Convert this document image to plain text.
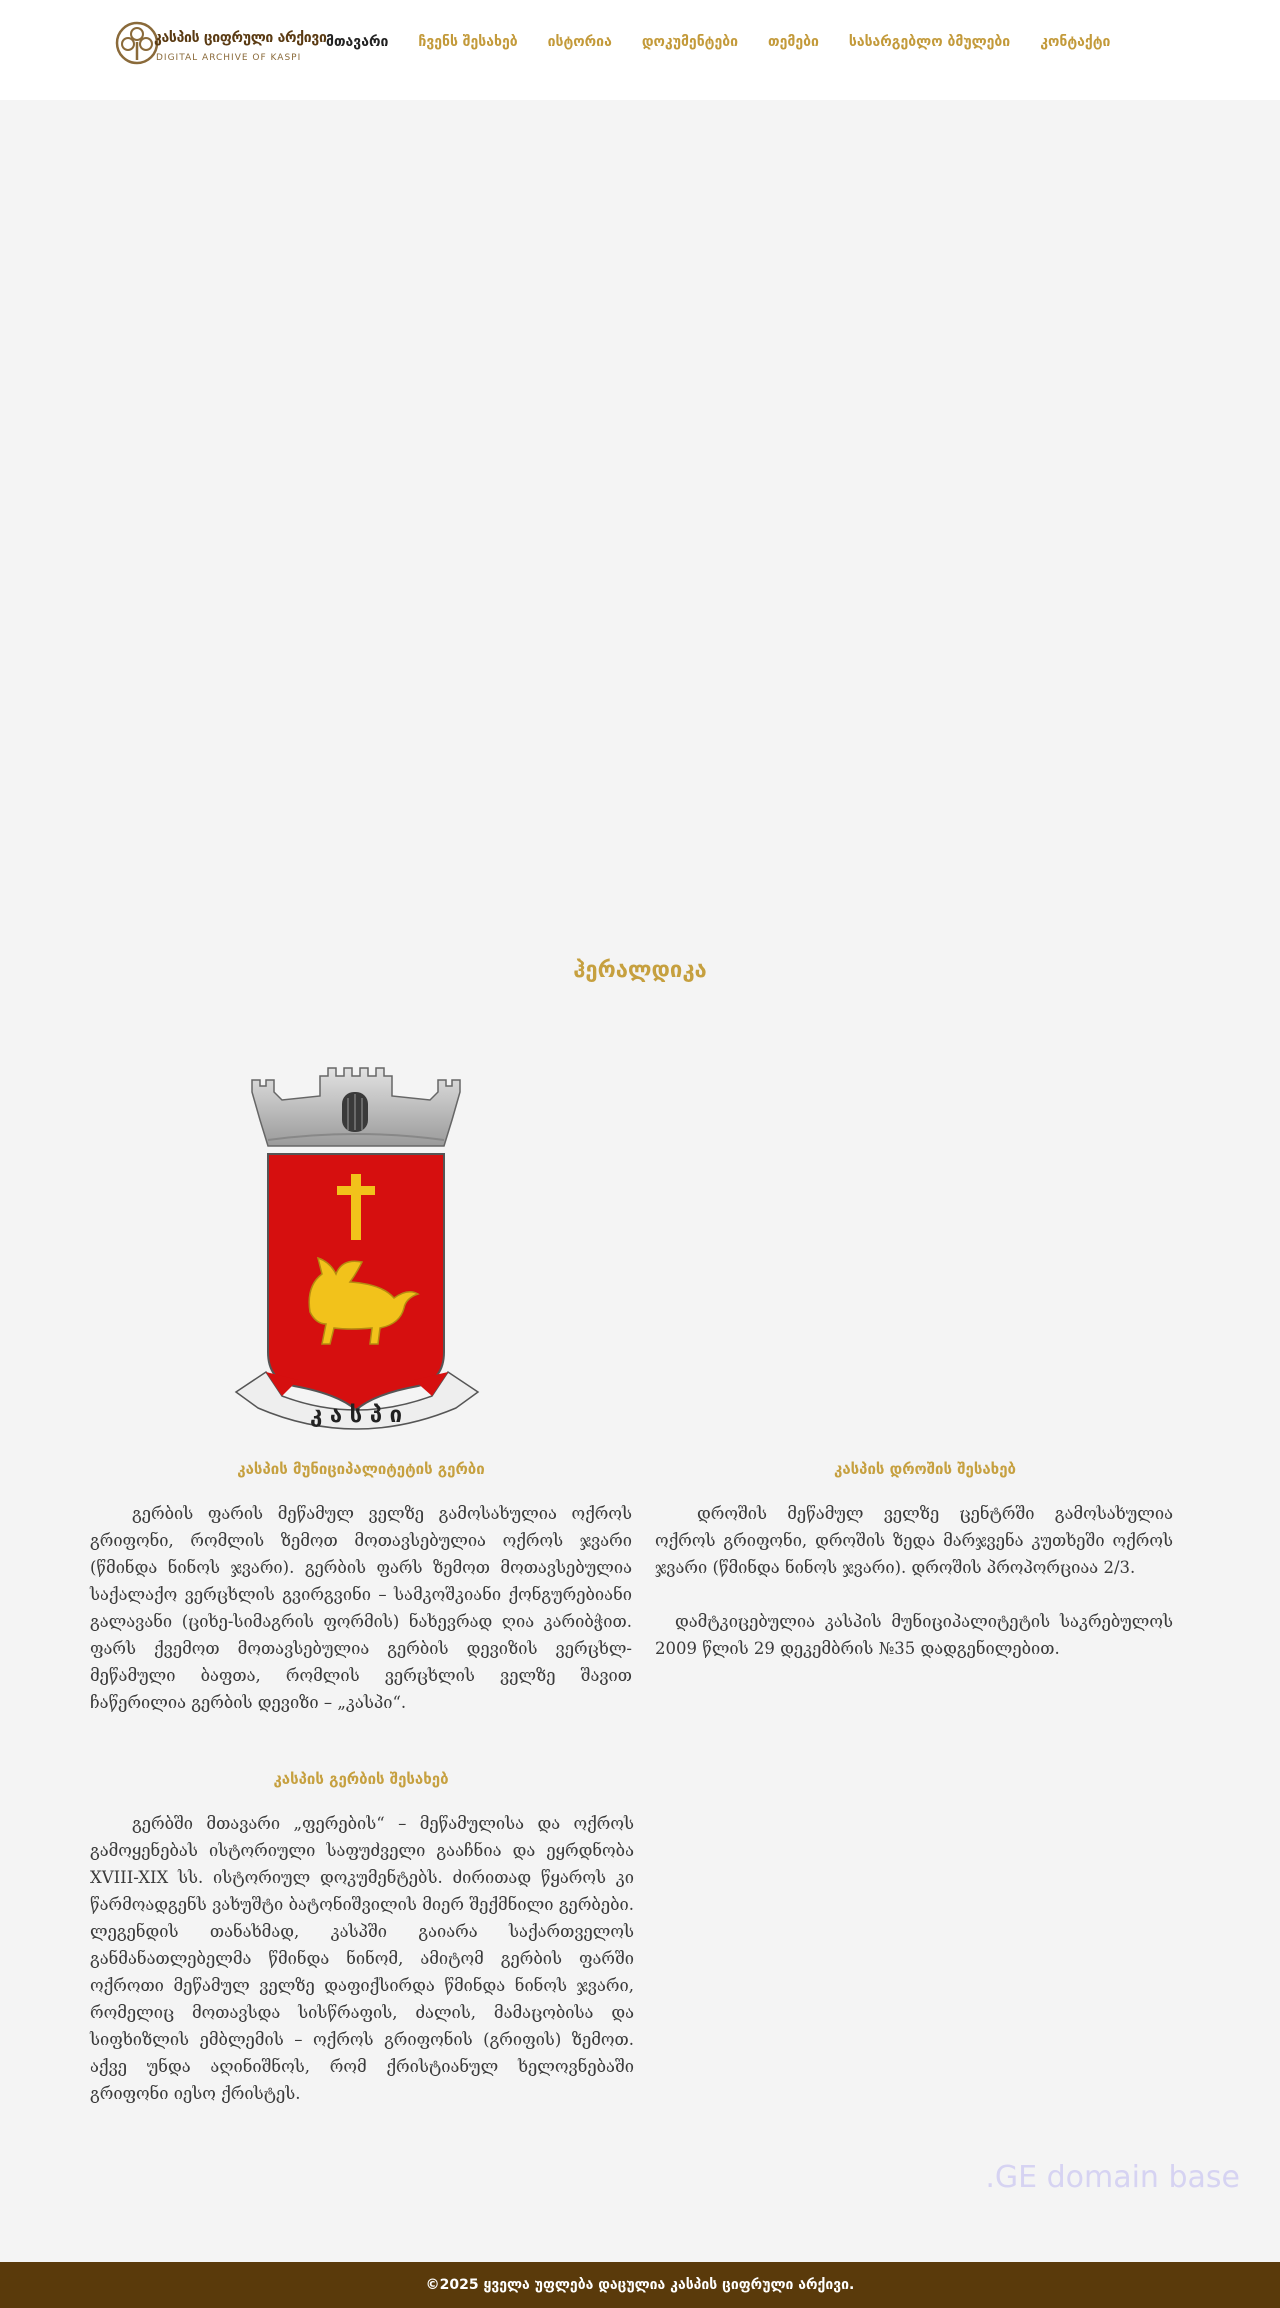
კასპის ციფრული არქივი
DIGITAL ARCHIVE OF KASPI
მთავარი ჩვენს შესახებ ისტორია დოკუმენტები თემები სასარგებლო ბმულები კონტაქტი
ჰერალდიკა
კ ა ს პ ი
კასპის მუნიციპალიტეტის გერბი

გერბის ფარის მეწამულ ველზე გამოსახულია ოქროს გრიფონი, რომლის ზემოთ მოთავსებულია ოქროს ჯვარი (წმინდა ნინოს ჯვარი). გერბის ფარს ზემოთ მოთავსებულია საქალაქო ვერცხლის გვირგვინი – სამკოშკიანი ქონგურებიანი გალავანი (ციხე-სიმაგრის ფორმის) ნახევრად ღია კარიბჭით. ფარს ქვემოთ მოთავსებულია გერბის დევიზის ვერცხლ-მეწამული ბაფთა, რომლის ვერცხლის ველზე შავით ჩაწერილია გერბის დევიზი – „კასპი“.

კასპის დროშის შესახებ

დროშის მეწამულ ველზე ცენტრში გამოსახულია ოქროს გრიფონი, დროშის ზედა მარჯვენა კუთხეში ოქროს ჯვარი (წმინდა ნინოს ჯვარი). დროშის პროპორციაა 2/3.

დამტკიცებულია კასპის მუნიციპალიტეტის საკრებულოს 2009 წლის 29 დეკემბრის №35 დადგენილებით.

კასპის გერბის შესახებ

გერბში მთავარი „ფერების“ – მეწამულისა და ოქროს გამოყენებას ისტორიული საფუძველი გააჩნია და ეყრდნობა XVIII-XIX სს. ისტორიულ დოკუმენტებს. ძირითად წყაროს კი წარმოადგენს ვახუშტი ბატონიშვილის მიერ შექმნილი გერბები. ლეგენდის თანახმად, კასპში გაიარა საქართველოს განმანათლებელმა წმინდა ნინომ, ამიტომ გერბის ფარში ოქროთი მეწამულ ველზე დაფიქსირდა წმინდა ნინოს ჯვარი, რომელიც მოთავსდა სისწრაფის, ძალის, მამაცობისა და სიფხიზლის ემბლემის – ოქროს გრიფონის (გრიფის) ზემოთ. აქვე უნდა აღინიშნოს, რომ ქრისტიანულ ხელოვნებაში გრიფონი იესო ქრისტეს.

.GE domain base
©2025 ყველა უფლება დაცულია კასპის ციფრული არქივი.
